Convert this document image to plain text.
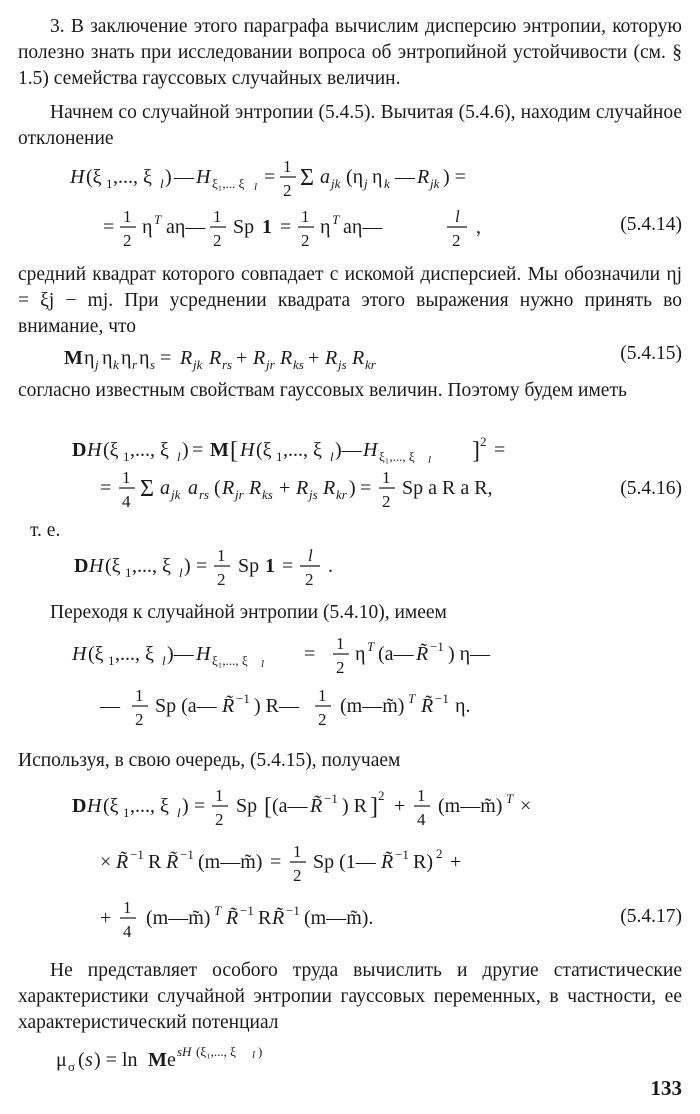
3. В заключение этого параграфа вычислим дисперсию энтропии, которую полезно знать при исследовании вопроса об энтропийной устойчивости (см. § 1.5) семейства гауссовых случайных величин.

Начнем со случайной энтропии (5.4.5). Вычитая (5.4.6), находим случайное отклонение

H (ξ 1 ,..., ξ l ) — H ξ₁,... ξ l = 1
2 Σ a jk (η j η k — R jk ) =
= 1
2
η T aη— 1
2
Sp 1 = 1
2
η T aη—	l
2
,	(5.4.14)

средний квадрат которого совпадает с искомой дисперсией. Мы обозначили ηj = ξj − mj. При усреднении квадрата этого выражения нужно принять во внимание, что

M η j η k η r η s = R jk R rs + R jr R ks + R js R kr
(5.4.15)

согласно известным свойствам гауссовых величин. Поэтому будем иметь

D H (ξ 1 ,..., ξ l ) = M [ H (ξ 1 ,..., ξ l )— H ξ₁,..., ξ l ] 2 =
= 1
4 Σ a jk a rs ( R jr R ks + R js R kr ) = 1
2
Sp a R a R,	(5.4.16)

т. е.

D H (ξ 1 ,..., ξ l ) = 1
2
Sp 1 = l
2
.

Переходя к случайной энтропии (5.4.10), имеем

H (ξ 1 ,..., ξ l )— H ξ₁,..., ξ l = 1
2
η T (a— R̃ −1 ) η—
— 1
2
Sp (a— R̃ −1 ) R— 1
2
(m—m̃) T R̃ −1 η.

Используя, в свою очередь, (5.4.15), получаем

D H (ξ 1 ,..., ξ l ) = 1
2
Sp [ (a— R̃ −1 ) R ] 2 + 1
4
(m—m̃) T ×
× R̃ −1 R R̃ −1 (m—m̃) = 1
2
Sp (1— R̃ −1 R) 2 +
+ 1
4
(m—m̃) T R̃ −1 R R̃ −1 (m—m̃).	(5.4.17)

Не представляет особого труда вычислить и другие статистические характеристики случайной энтропии гауссовых переменных, в частности, ее характеристический потенциал

μ σ ( s ) = ln M e sH (ξ₁,..., ξ l )
133
